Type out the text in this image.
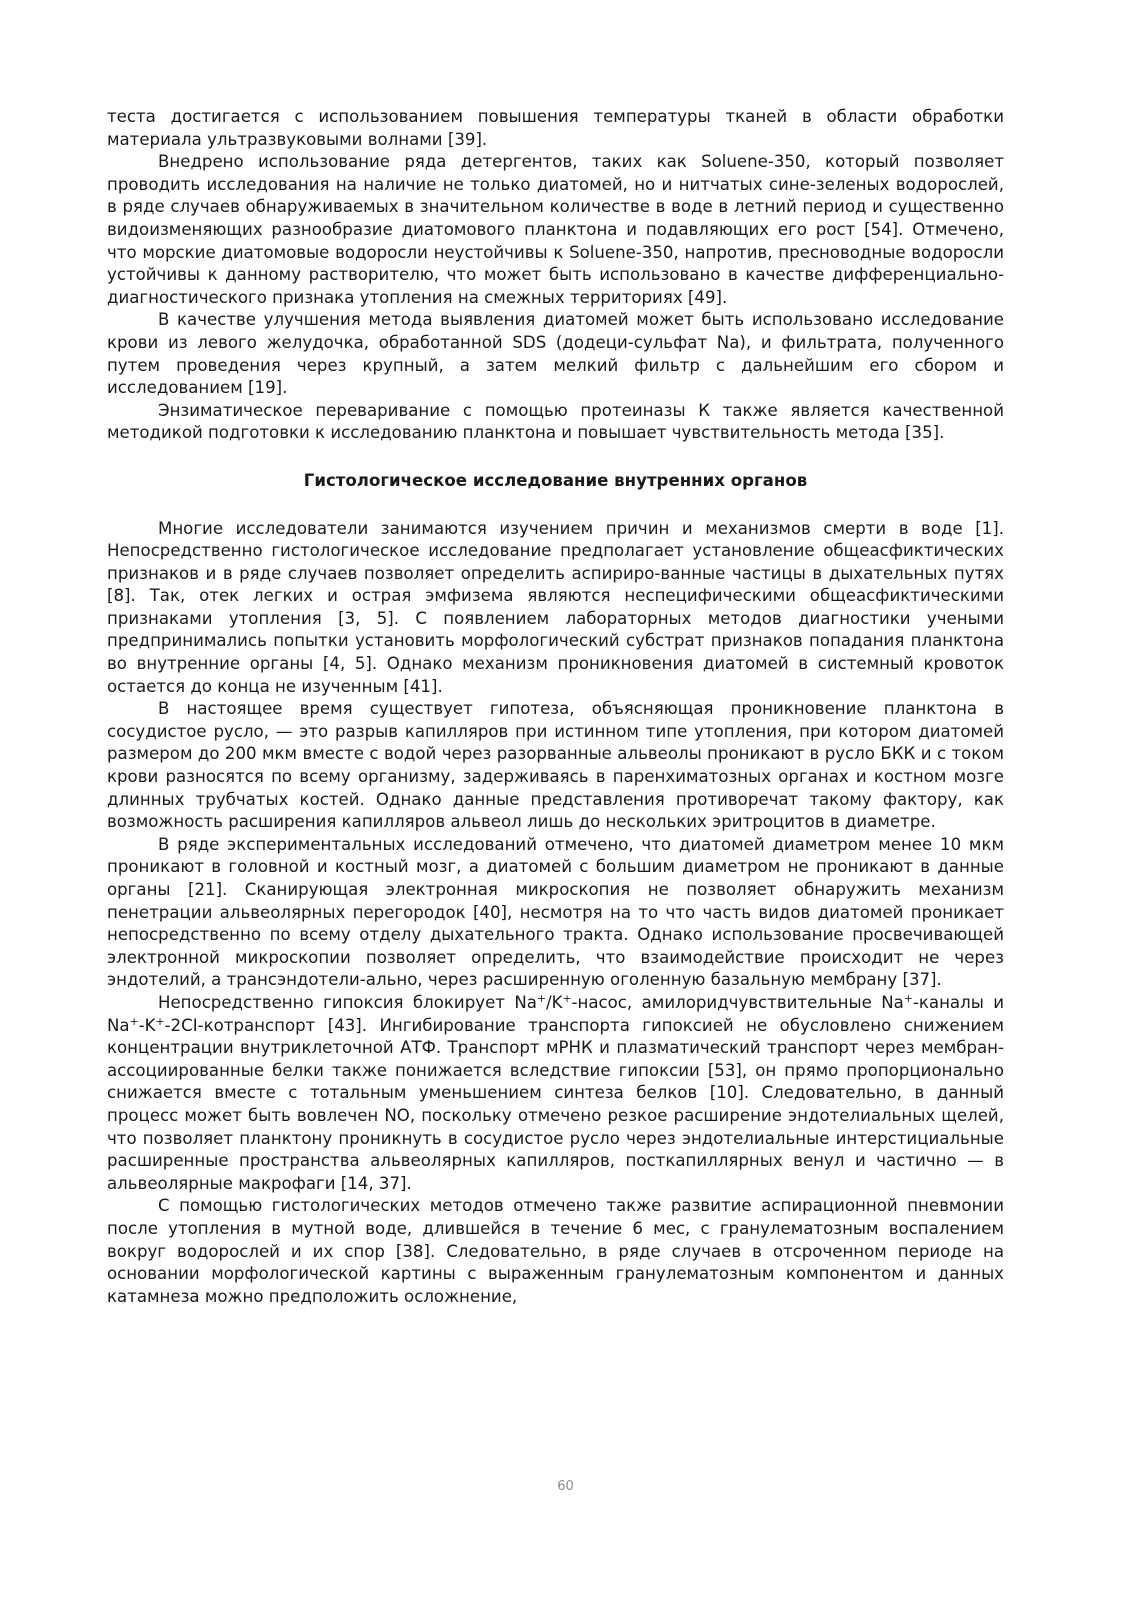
теста достигается с использованием повышения температуры тканей в области обработки материала ультразвуковыми волнами [39].

Внедрено использование ряда детергентов, таких как Soluene-350, который позволяет проводить исследования на наличие не только диатомей, но и нитчатых сине-зеленых водорослей, в ряде случаев обнаруживаемых в значительном количестве в воде в летний период и существенно видоизменяющих разнообразие диатомового планктона и подавляющих его рост [54]. Отмечено, что морские диатомовые водоросли неустойчивы к Soluene-350, напротив, пресноводные водоросли устойчивы к данному растворителю, что может быть использовано в качестве дифференциально-диагностического признака утопления на смежных территориях [49].

В качестве улучшения метода выявления диатомей может быть использовано исследование крови из левого желудочка, обработанной SDS (додеци-сульфат Na), и фильтрата, полученного путем проведения через крупный, а затем мелкий фильтр с дальнейшим его сбором и исследованием [19].

Энзиматическое переваривание с помощью протеиназы К также является качественной методикой подготовки к исследованию планктона и повышает чувствительность метода [35].

Гистологическое исследование внутренних органов

Многие исследователи занимаются изучением причин и механизмов смерти в воде [1]. Непосредственно гистологическое исследование предполагает установление общеасфиктических признаков и в ряде случаев позволяет определить аспириро-ванные частицы в дыхательных путях [8]. Так, отек легких и острая эмфизема являются неспецифическими общеасфиктическими признаками утопления [3, 5]. С появлением лабораторных методов диагностики учеными предпринимались попытки установить морфологический субстрат признаков попадания планктона во внутренние органы [4, 5]. Однако механизм проникновения диатомей в системный кровоток остается до конца не изученным [41].

В настоящее время существует гипотеза, объясняющая проникновение планктона в сосудистое русло, — это разрыв капилляров при истинном типе утопления, при котором диатомей размером до 200 мкм вместе с водой через разорванные альвеолы проникают в русло БКК и с током крови разносятся по всему организму, задерживаясь в паренхиматозных органах и костном мозге длинных трубчатых костей. Однако данные представления противоречат такому фактору, как возможность расширения капилляров альвеол лишь до нескольких эритроцитов в диаметре.

В ряде экспериментальных исследований отмечено, что диатомей диаметром менее 10 мкм проникают в головной и костный мозг, а диатомей с большим диаметром не проникают в данные органы [21]. Сканирующая электронная микроскопия не позволяет обнаружить механизм пенетрации альвеолярных перегородок [40], несмотря на то что часть видов диатомей проникает непосредственно по всему отделу дыхательного тракта. Однако использование просвечивающей электронной микроскопии позволяет определить, что взаимодействие происходит не через эндотелий, а трансэндотели-ально, через расширенную оголенную базальную мембрану [37].

Непосредственно гипоксия блокирует Na+/K+-насос, амилоридчувствительные Na+-каналы и Na+-K+-2CI-котранспорт [43]. Ингибирование транспорта гипоксией не обусловлено снижением концентрации внутриклеточной АТФ. Транспорт мРНК и плазматический транспорт через мембран-ассоциированные белки также понижается вследствие гипоксии [53], он прямо пропорционально снижается вместе с тотальным уменьшением синтеза белков [10]. Следовательно, в данный процесс может быть вовлечен NO, поскольку отмечено резкое расширение эндотелиальных щелей, что позволяет планктону проникнуть в сосудистое русло через эндотелиальные интерстициальные расширенные пространства альвеолярных капилляров, посткапиллярных венул и частично — в альвеолярные макрофаги [14, 37].

С помощью гистологических методов отмечено также развитие аспирационной пневмонии после утопления в мутной воде, длившейся в течение 6 мес, с гранулематозным воспалением вокруг водорослей и их спор [38]. Следовательно, в ряде случаев в отсроченном периоде на основании морфологической картины с выраженным гранулематозным компонентом и данных катамнеза можно предположить осложнение,

60
